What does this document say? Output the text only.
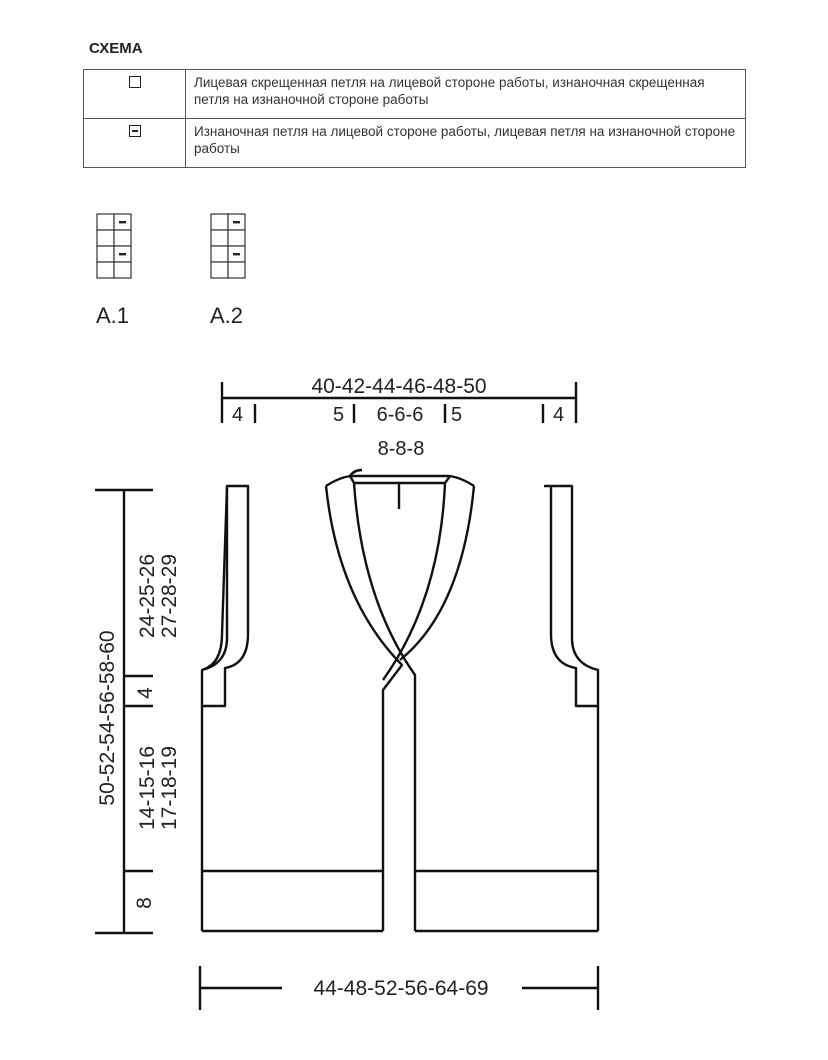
СХЕМА
	Лицевая скрещенная петля на лицевой стороне работы, изнаночная скрещенная петля на изнаночной стороне работы
	Изнаночная петля на лицевой стороне работы, лицевая петля на изнаночной стороне работы
A.1	A.2
40-42-44-46-48-50
4	5 6-6-6 5	4
8-8-8
50-52-54-56-58-60
24-25-26 27-28-29
4
14-15-16 17-18-19
8
44-48-52-56-64-69
